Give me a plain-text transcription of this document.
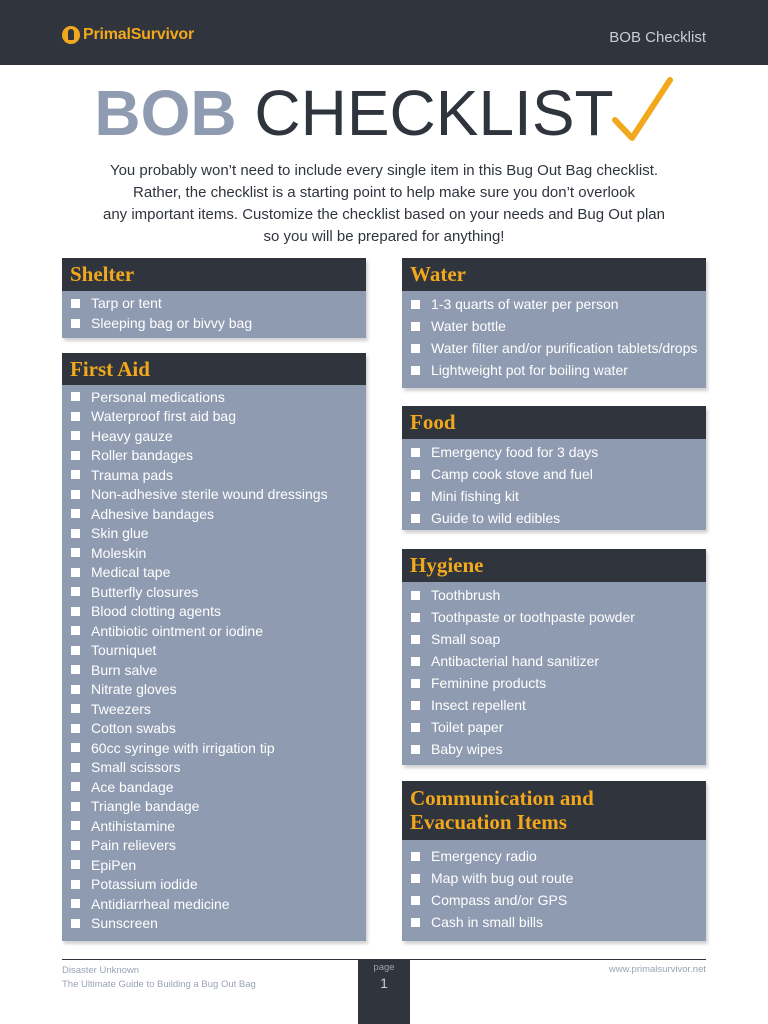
PrimalSurvivor	BOB Checklist
BOB CHECKLIST
You probably won’t need to include every single item in this Bug Out Bag checklist.
Rather, the checklist is a starting point to help make sure you don’t overlook
any important items. Customize the checklist based on your needs and Bug Out plan
so you will be prepared for anything!
Shelter
Tarp or tent
Sleeping bag or bivvy bag
First Aid
Personal medications
Waterproof first aid bag
Heavy gauze
Roller bandages
Trauma pads
Non-adhesive sterile wound dressings
Adhesive bandages
Skin glue
Moleskin
Medical tape
Butterfly closures
Blood clotting agents
Antibiotic ointment or iodine
Tourniquet
Burn salve
Nitrate gloves
Tweezers
Cotton swabs
60cc syringe with irrigation tip
Small scissors
Ace bandage
Triangle bandage
Antihistamine
Pain relievers
EpiPen
Potassium iodide
Antidiarrheal medicine
Sunscreen
Water
1-3 quarts of water per person
Water bottle
Water filter and/or purification tablets/drops
Lightweight pot for boiling water
Food
Emergency food for 3 days
Camp cook stove and fuel
Mini fishing kit
Guide to wild edibles
Hygiene
Toothbrush
Toothpaste or toothpaste powder
Small soap
Antibacterial hand sanitizer
Feminine products
Insect repellent
Toilet paper
Baby wipes
Communication and
Evacuation Items
Emergency radio
Map with bug out route
Compass and/or GPS
Cash in small bills
Disaster Unknown
The Ultimate Guide to Building a Bug Out Bag
page
1
www.primalsurvivor.net
